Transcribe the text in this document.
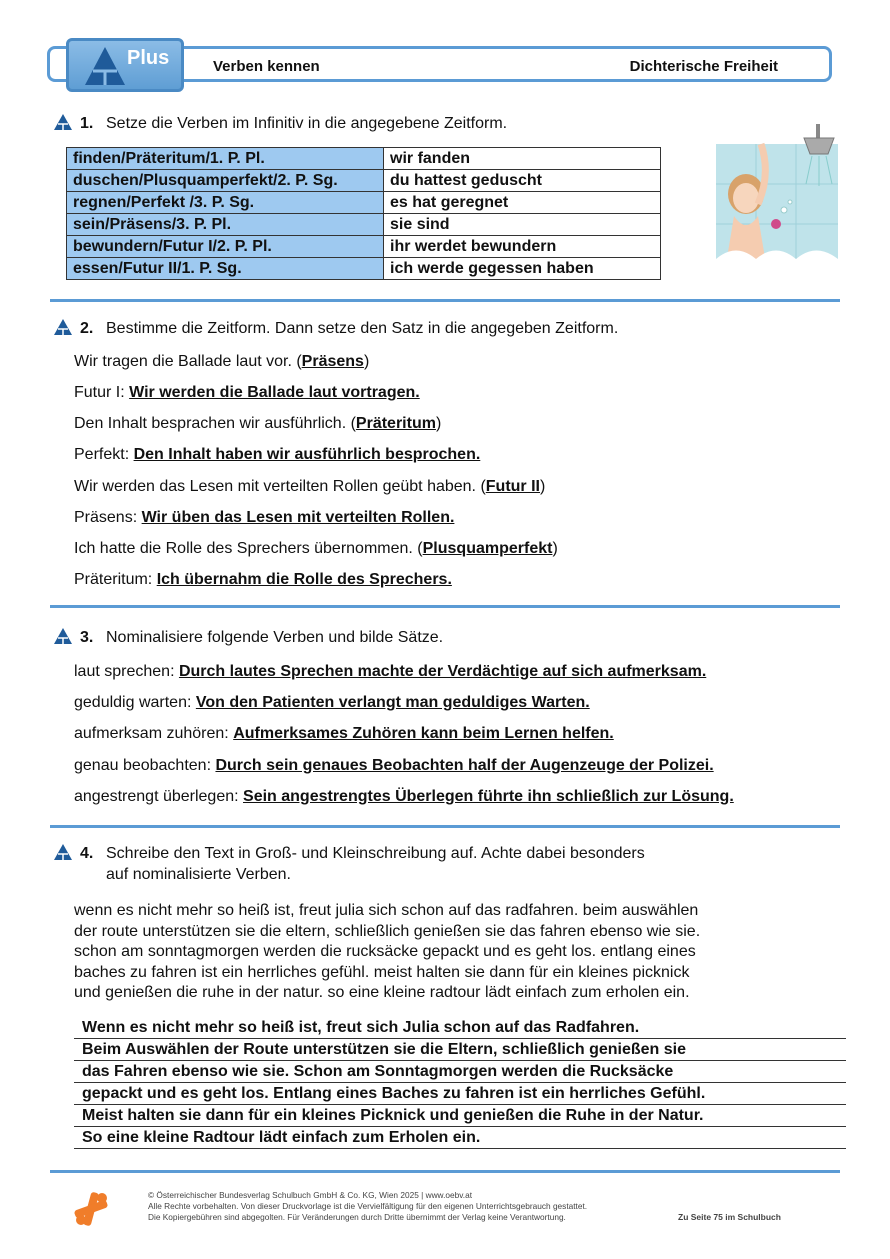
Plus	Verben kennen	Dichterische Freiheit
1. Setze die Verben im Infinitiv in die angegebene Zeitform.
finden/Präteritum/1. P. Pl.	wir fanden
duschen/Plusquamperfekt/2. P. Sg.	du hattest geduscht
regnen/Perfekt /3. P. Sg.	es hat geregnet
sein/Präsens/3. P. Pl.	sie sind
bewundern/Futur I/2. P. Pl.	ihr werdet bewundern
essen/Futur II/1. P. Sg.	ich werde gegessen haben
2. Bestimme die Zeitform. Dann setze den Satz in die angegeben Zeitform.
Wir tragen die Ballade laut vor. (Präsens)
Futur I: Wir werden die Ballade laut vortragen.
Den Inhalt besprachen wir ausführlich. (Präteritum)
Perfekt: Den Inhalt haben wir ausführlich besprochen.
Wir werden das Lesen mit verteilten Rollen geübt haben. (Futur II)
Präsens: Wir üben das Lesen mit verteilten Rollen.
Ich hatte die Rolle des Sprechers übernommen. (Plusquamperfekt)
Präteritum: Ich übernahm die Rolle des Sprechers.
3. Nominalisiere folgende Verben und bilde Sätze.
laut sprechen: Durch lautes Sprechen machte der Verdächtige auf sich aufmerksam.
geduldig warten: Von den Patienten verlangt man geduldiges Warten.
aufmerksam zuhören: Aufmerksames Zuhören kann beim Lernen helfen.
genau beobachten: Durch sein genaues Beobachten half der Augenzeuge der Polizei.
angestrengt überlegen: Sein angestrengtes Überlegen führte ihn schließlich zur Lösung.
4. Schreibe den Text in Groß- und Kleinschreibung auf. Achte dabei besonders
auf nominalisierte Verben.
wenn es nicht mehr so heiß ist, freut julia sich schon auf das radfahren. beim auswählen
der route unterstützen sie die eltern, schließlich genießen sie das fahren ebenso wie sie.
schon am sonntagmorgen werden die rucksäcke gepackt und es geht los. entlang eines
baches zu fahren ist ein herrliches gefühl. meist halten sie dann für ein kleines picknick
und genießen die ruhe in der natur. so eine kleine radtour lädt einfach zum erholen ein.
Wenn es nicht mehr so heiß ist, freut sich Julia schon auf das Radfahren.
Beim Auswählen der Route unterstützen sie die Eltern, schließlich genießen sie
das Fahren ebenso wie sie. Schon am Sonntagmorgen werden die Rucksäcke
gepackt und es geht los. Entlang eines Baches zu fahren ist ein herrliches Gefühl.
Meist halten sie dann für ein kleines Picknick und genießen die Ruhe in der Natur.
So eine kleine Radtour lädt einfach zum Erholen ein.
© Österreichischer Bundesverlag Schulbuch GmbH & Co. KG, Wien 2025 | www.oebv.at
Alle Rechte vorbehalten. Von dieser Druckvorlage ist die Vervielfältigung für den eigenen Unterrichtsgebrauch gestattet.
Die Kopiergebühren sind abgegolten. Für Veränderungen durch Dritte übernimmt der Verlag keine Verantwortung.	Zu Seite 75 im Schulbuch
